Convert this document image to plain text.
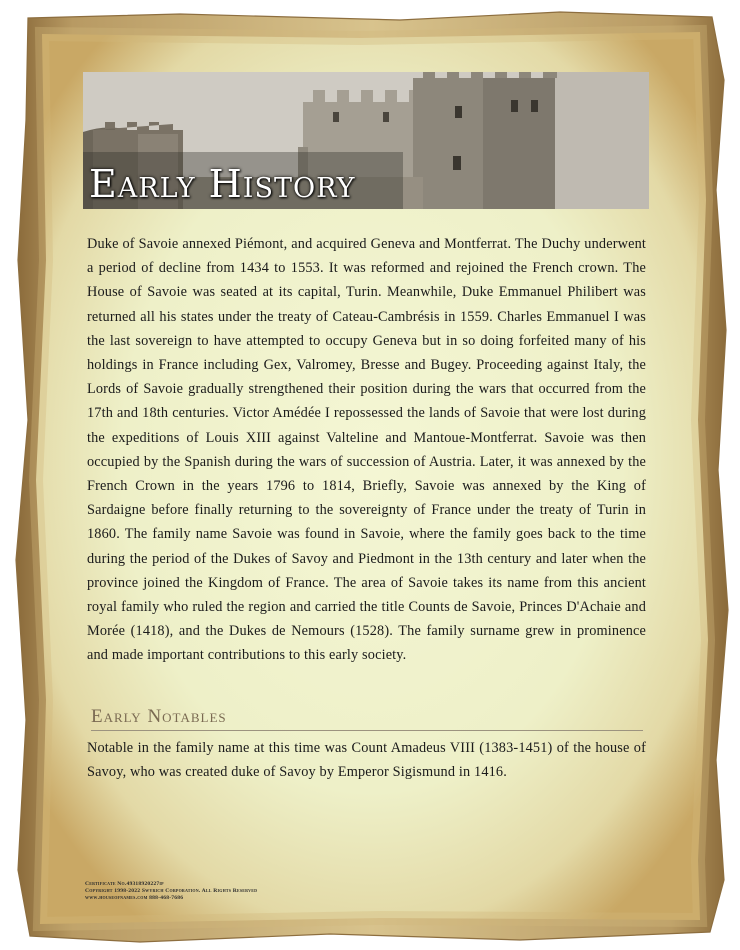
Early History

Duke of Savoie annexed Piémont, and acquired Geneva and Montferrat. The Duchy underwent a period of decline from 1434 to 1553. It was reformed and rejoined the French crown. The House of Savoie was seated at its capital, Turin. Meanwhile, Duke Emmanuel Philibert was returned all his states under the treaty of Cateau-Cambrésis in 1559. Charles Emmanuel I was the last sovereign to have attempted to occupy Geneva but in so doing forfeited many of his holdings in France including Gex, Valromey, Bresse and Bugey. Proceeding against Italy, the Lords of Savoie gradually strengthened their position during the wars that occurred from the 17th and 18th centuries. Victor Amédée I repossessed the lands of Savoie that were lost during the expeditions of Louis XIII against Valteline and Mantoue-Montferrat. Savoie was then occupied by the Spanish during the wars of succession of Austria. Later, it was annexed by the French Crown in the years 1796 to 1814, Briefly, Savoie was annexed by the King of Sardaigne before finally returning to the sovereignty of France under the treaty of Turin in 1860. The family name Savoie was found in Savoie, where the family goes back to the time during the period of the Dukes of Savoy and Piedmont in the 13th century and later when the province joined the Kingdom of France. The area of Savoie takes its name from this ancient royal family who ruled the region and carried the title Counts de Savoie, Princes D'Achaie and Morée (1418), and the Dukes de Nemours (1528). The family surname grew in prominence and made important contributions to this early society.

Early Notables

Notable in the family name at this time was Count Amadeus VIII (1383-1451) of the house of Savoy, who was created duke of Savoy by Emperor Sigismund in 1416.

Certificate No.49318920227ip
Copyright 1998-2022 Swyrich Corporation. All Rights Reserved
www.houseofnames.com 888-468-7686
